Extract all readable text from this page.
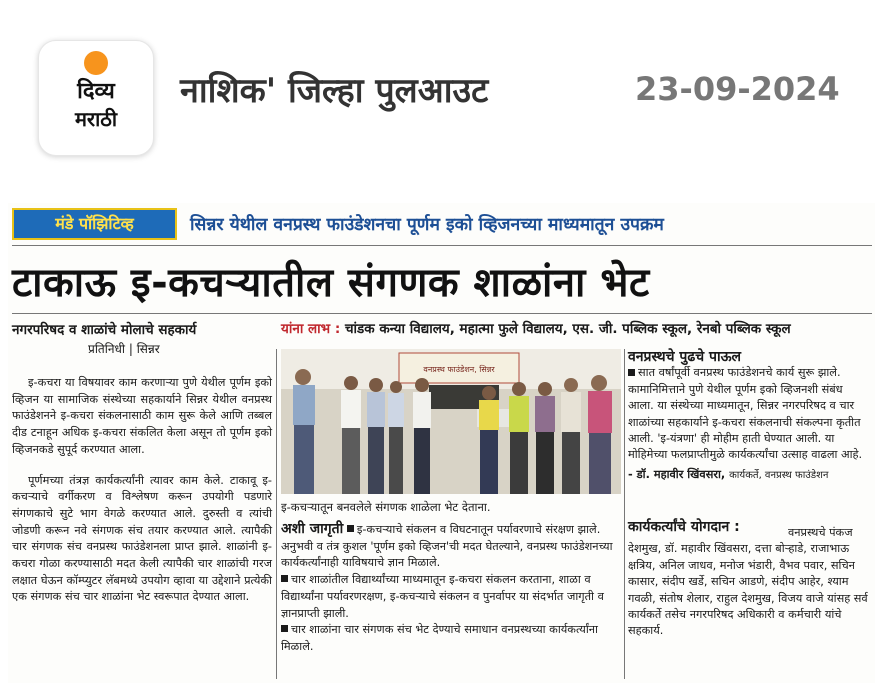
दिव्य
मराठी
नाशिक' जिल्हा पुलआउट	23-09-2024
मंडे पॉझिटिव्ह	सिन्नर येथील वनप्रस्थ फाउंडेशनचा पूर्णम इको व्हिजनच्या माध्यमातून उपक्रम
टाकाऊ इ-कचऱ्यातील संगणक शाळांना भेट
नगरपरिषद व शाळांचे मोलाचे सहकार्य
प्रतिनिधी | सिन्नर
यांना लाभ : चांडक कन्या विद्यालय, महात्मा फुले विद्यालय, एस. जी. पब्लिक स्कूल, रेनबो पब्लिक स्कूल

इ-कचरा या विषयावर काम करणाऱ्या पुणे येथील पूर्णम इको व्हिजन या सामाजिक संस्थेच्या सहकार्याने सिन्नर येथील वनप्रस्थ फाउंडेशनने इ-कचरा संकलनासाठी काम सुरू केले आणि तब्बल दीड टनाहून अधिक इ-कचरा संकलित केला असून तो पूर्णम इको व्हिजनकडे सुपूर्द करण्यात आला.

पूर्णमच्या तंत्रज्ञ कार्यकर्त्यांनी त्यावर काम केले. टाकावू इ-कचऱ्याचे वर्गीकरण व विश्लेषण करून उपयोगी पडणारे संगणकाचे सुटे भाग वेगळे करण्यात आले. दुरुस्ती व त्यांची जोडणी करून नवे संगणक संच तयार करण्यात आले. त्यापैकी चार संगणक संच वनप्रस्थ फाउंडेशनला प्राप्त झाले. शाळांनी इ-कचरा गोळा करण्यासाठी मदत केली त्यापैकी चार शाळांची गरज लक्षात घेऊन कॉम्प्युटर लॅबमध्ये उपयोग व्हावा या उद्देशाने प्रत्येकी एक संगणक संच चार शाळांना भेट स्वरूपात देण्यात आला.

वनप्रस्थ फाउंडेशन, सिन्नर
इ-कचऱ्यातून बनवलेले संगणक शाळेला भेट देताना.

अशी जागृती इ-कचऱ्याचे संकलन व विघटनातून पर्यावरणाचे संरक्षण झाले. अनुभवी व तंत्र कुशल 'पूर्णम इको व्हिजन'ची मदत घेतल्याने, वनप्रस्थ फाउंडेशनच्या कार्यकर्त्यांनाही याविषयाचे ज्ञान मिळाले.

चार शाळांतील विद्यार्थ्यांच्या माध्यमातून इ-कचरा संकलन करताना, शाळा व विद्यार्थ्यांना पर्यावरणरक्षण, इ-कचऱ्याचे संकलन व पुनर्वापर या संदर्भात जागृती व ज्ञानप्राप्ती झाली.

चार शाळांना चार संगणक संच भेट देण्याचे समाधान वनप्रस्थच्या कार्यकर्त्यांना मिळाले.

वनप्रस्थचे पुढचे पाऊल

सात वर्षांपूर्वी वनप्रस्थ फाउंडेशनचे कार्य सुरू झाले. कामानिमित्ताने पुणे येथील पूर्णम इको व्हिजनशी संबंध आला. या संस्थेच्या माध्यमातून, सिन्नर नगरपरिषद व चार शाळांच्या सहकार्याने इ-कचरा संकलनाची संकल्पना कृतीत आली. 'इ-यंत्रणा' ही मोहीम हाती घेण्यात आली. या मोहिमेच्या फलप्राप्तीमुळे कार्यकर्त्यांचा उत्साह वाढला आहे.

- डॉ. महावीर खिंवसरा, कार्यकर्ते, वनप्रस्थ फाउंडेशन
कार्यकर्त्यांचे योगदान :	वनप्रस्थचे पंकज देशमुख, डॉ. महावीर खिंवसरा, दत्ता बोऱ्हाडे, राजाभाऊ क्षत्रिय, अनिल जाधव, मनोज भंडारी, वैभव पवार, सचिन कासार, संदीप खर्डे, सचिन आडणे, संदीप आहेर, श्याम गवळी, संतोष शेलार, राहुल देशमुख, विजय वाजे यांसह सर्व कार्यकर्ते तसेच नगरपरिषद अधिकारी व कर्मचारी यांचे सहकार्य.
